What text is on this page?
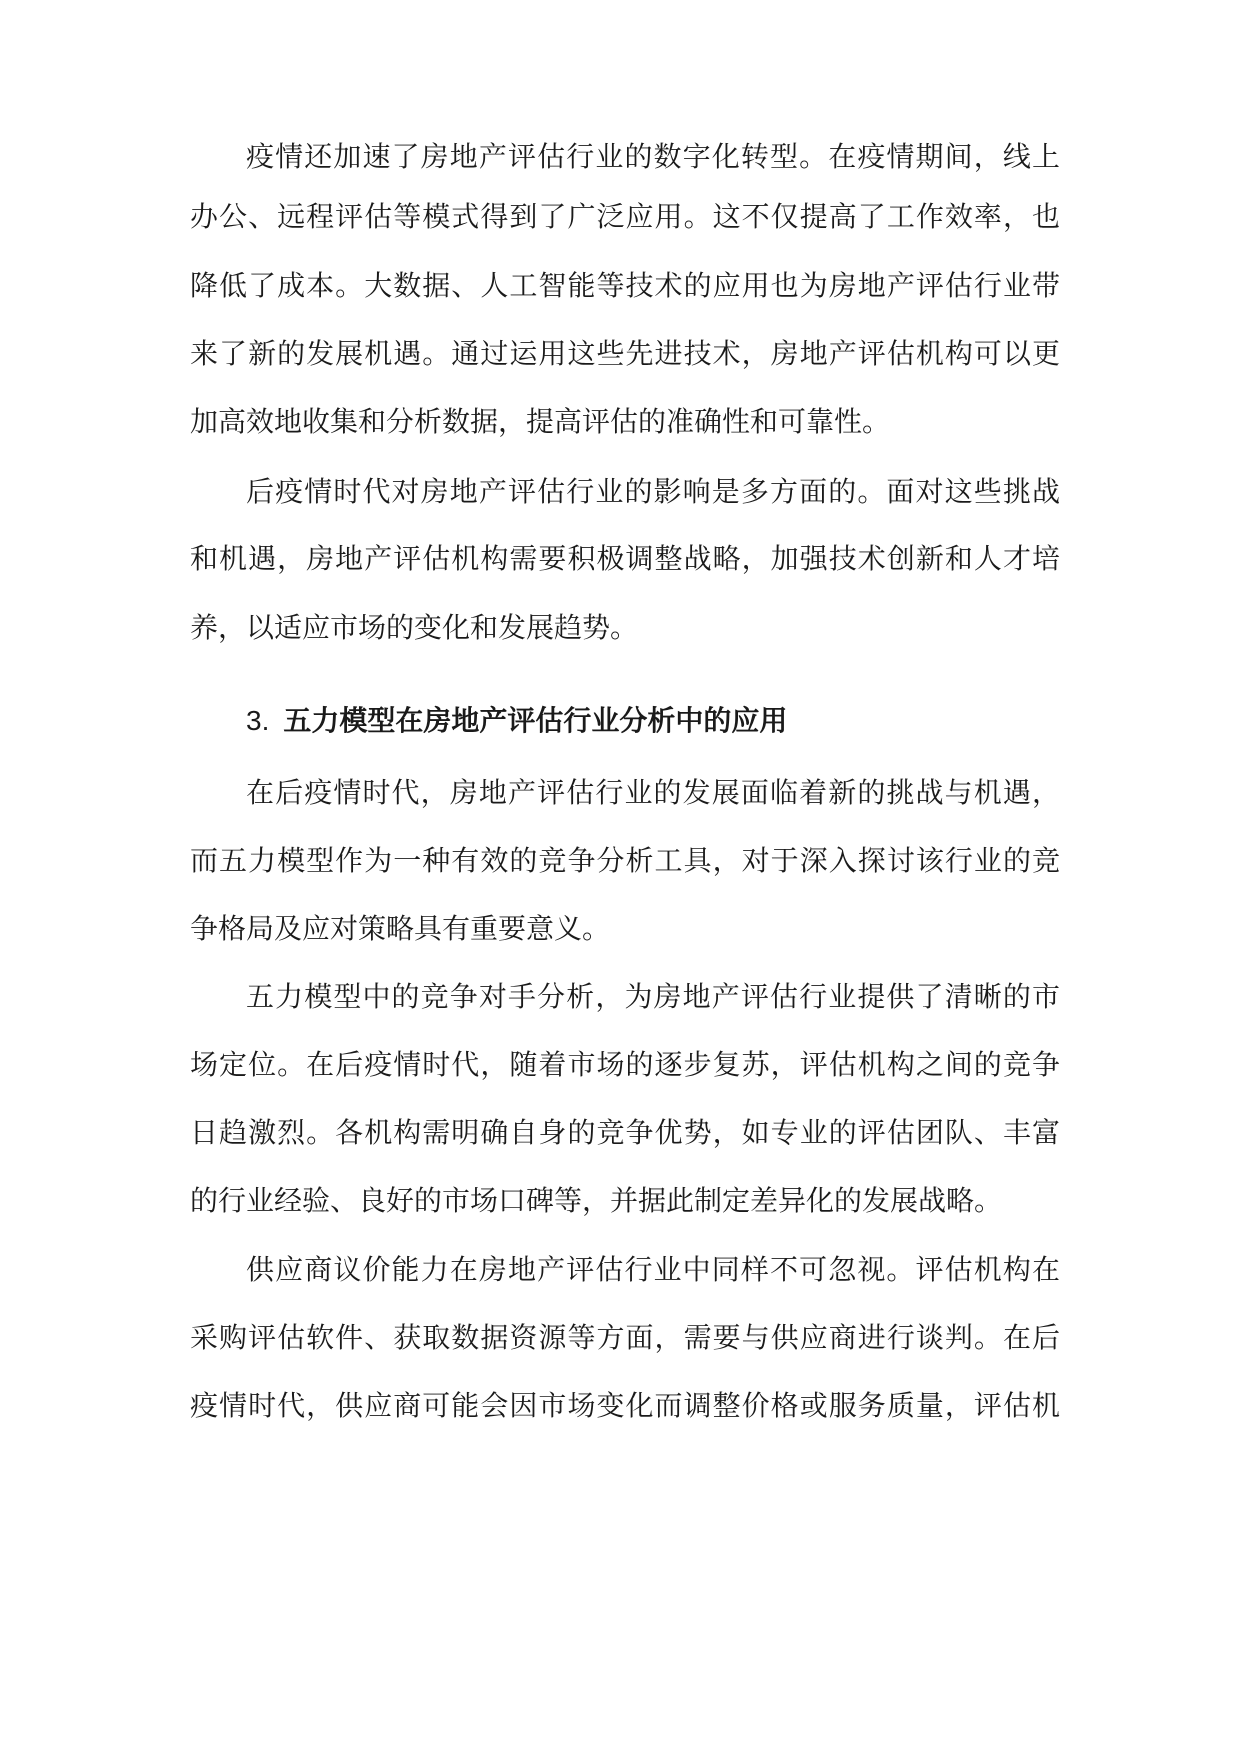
疫情还加速了房地产评估行业的数字化转型。在疫情期间，线上

办公、远程评估等模式得到了广泛应用。这不仅提高了工作效率，也

降低了成本。大数据、人工智能等技术的应用也为房地产评估行业带

来了新的发展机遇。通过运用这些先进技术，房地产评估机构可以更

加高效地收集和分析数据，提高评估的准确性和可靠性。

后疫情时代对房地产评估行业的影响是多方面的。面对这些挑战

和机遇，房地产评估机构需要积极调整战略，加强技术创新和人才培

养，以适应市场的变化和发展趋势。

3. 五力模型在房地产评估行业分析中的应用

在后疫情时代，房地产评估行业的发展面临着新的挑战与机遇，

而五力模型作为一种有效的竞争分析工具，对于深入探讨该行业的竞

争格局及应对策略具有重要意义。

五力模型中的竞争对手分析，为房地产评估行业提供了清晰的市

场定位。在后疫情时代，随着市场的逐步复苏，评估机构之间的竞争

日趋激烈。各机构需明确自身的竞争优势，如专业的评估团队、丰富

的行业经验、良好的市场口碑等，并据此制定差异化的发展战略。

供应商议价能力在房地产评估行业中同样不可忽视。评估机构在

采购评估软件、获取数据资源等方面，需要与供应商进行谈判。在后

疫情时代，供应商可能会因市场变化而调整价格或服务质量，评估机
